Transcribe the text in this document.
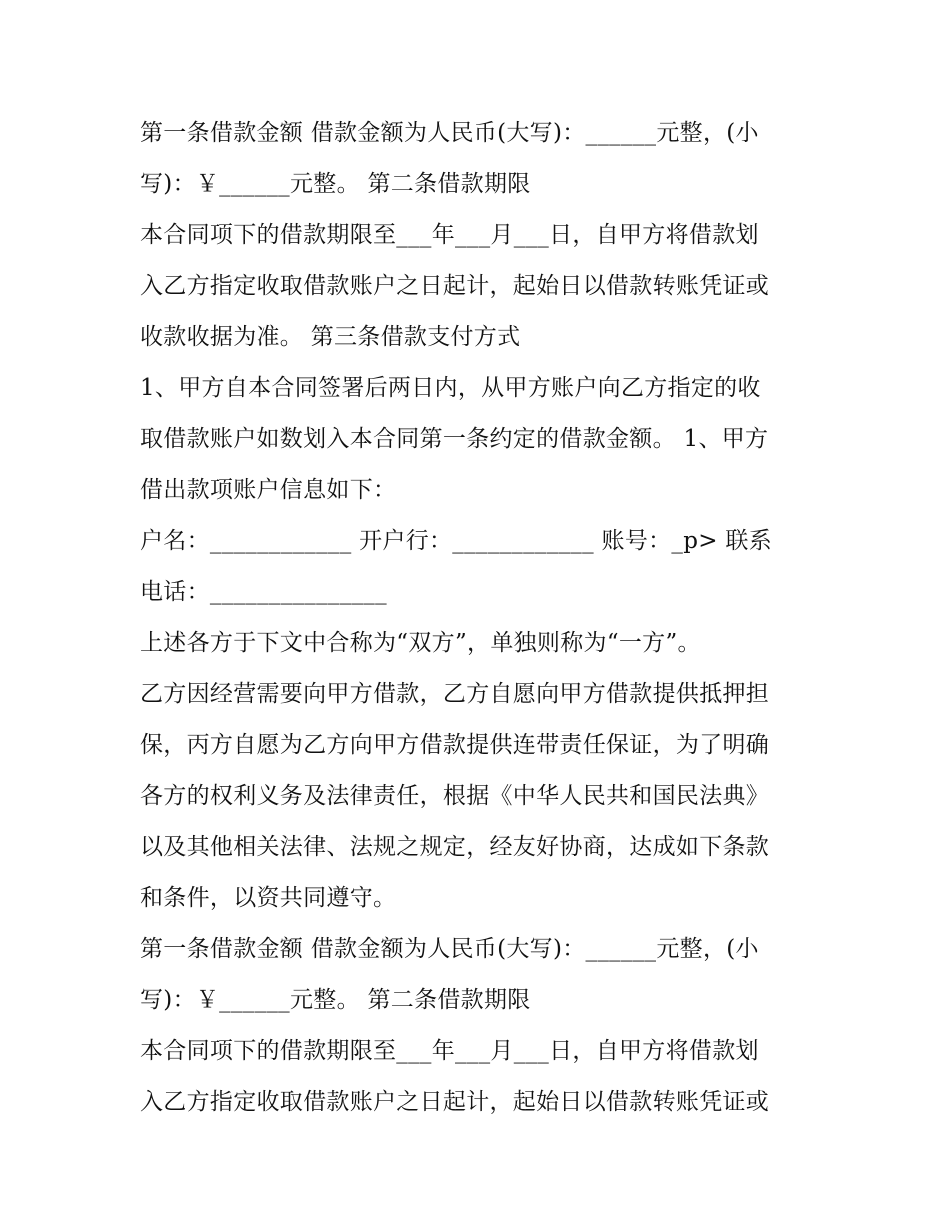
第一条借款金额 借款金额为人民币(大写)：______元整，(小
写)：￥______元整。 第二条借款期限
本合同项下的借款期限至___年___月___日，自甲方将借款划
入乙方指定收取借款账户之日起计，起始日以借款转账凭证或
收款收据为准。 第三条借款支付方式
1、甲方自本合同签署后两日内，从甲方账户向乙方指定的收
取借款账户如数划入本合同第一条约定的借款金额。 1、甲方
借出款项账户信息如下：
户名：____________ 开户行：____________ 账号：_p> 联系
电话：_______________
上述各方于下文中合称为“双方”，单独则称为“一方”。
乙方因经营需要向甲方借款，乙方自愿向甲方借款提供抵押担
保，丙方自愿为乙方向甲方借款提供连带责任保证，为了明确
各方的权利义务及法律责任，根据《中华人民共和国民法典》
以及其他相关法律、法规之规定，经友好协商，达成如下条款
和条件，以资共同遵守。
第一条借款金额 借款金额为人民币(大写)：______元整，(小
写)：￥______元整。 第二条借款期限
本合同项下的借款期限至___年___月___日，自甲方将借款划
入乙方指定收取借款账户之日起计，起始日以借款转账凭证或
